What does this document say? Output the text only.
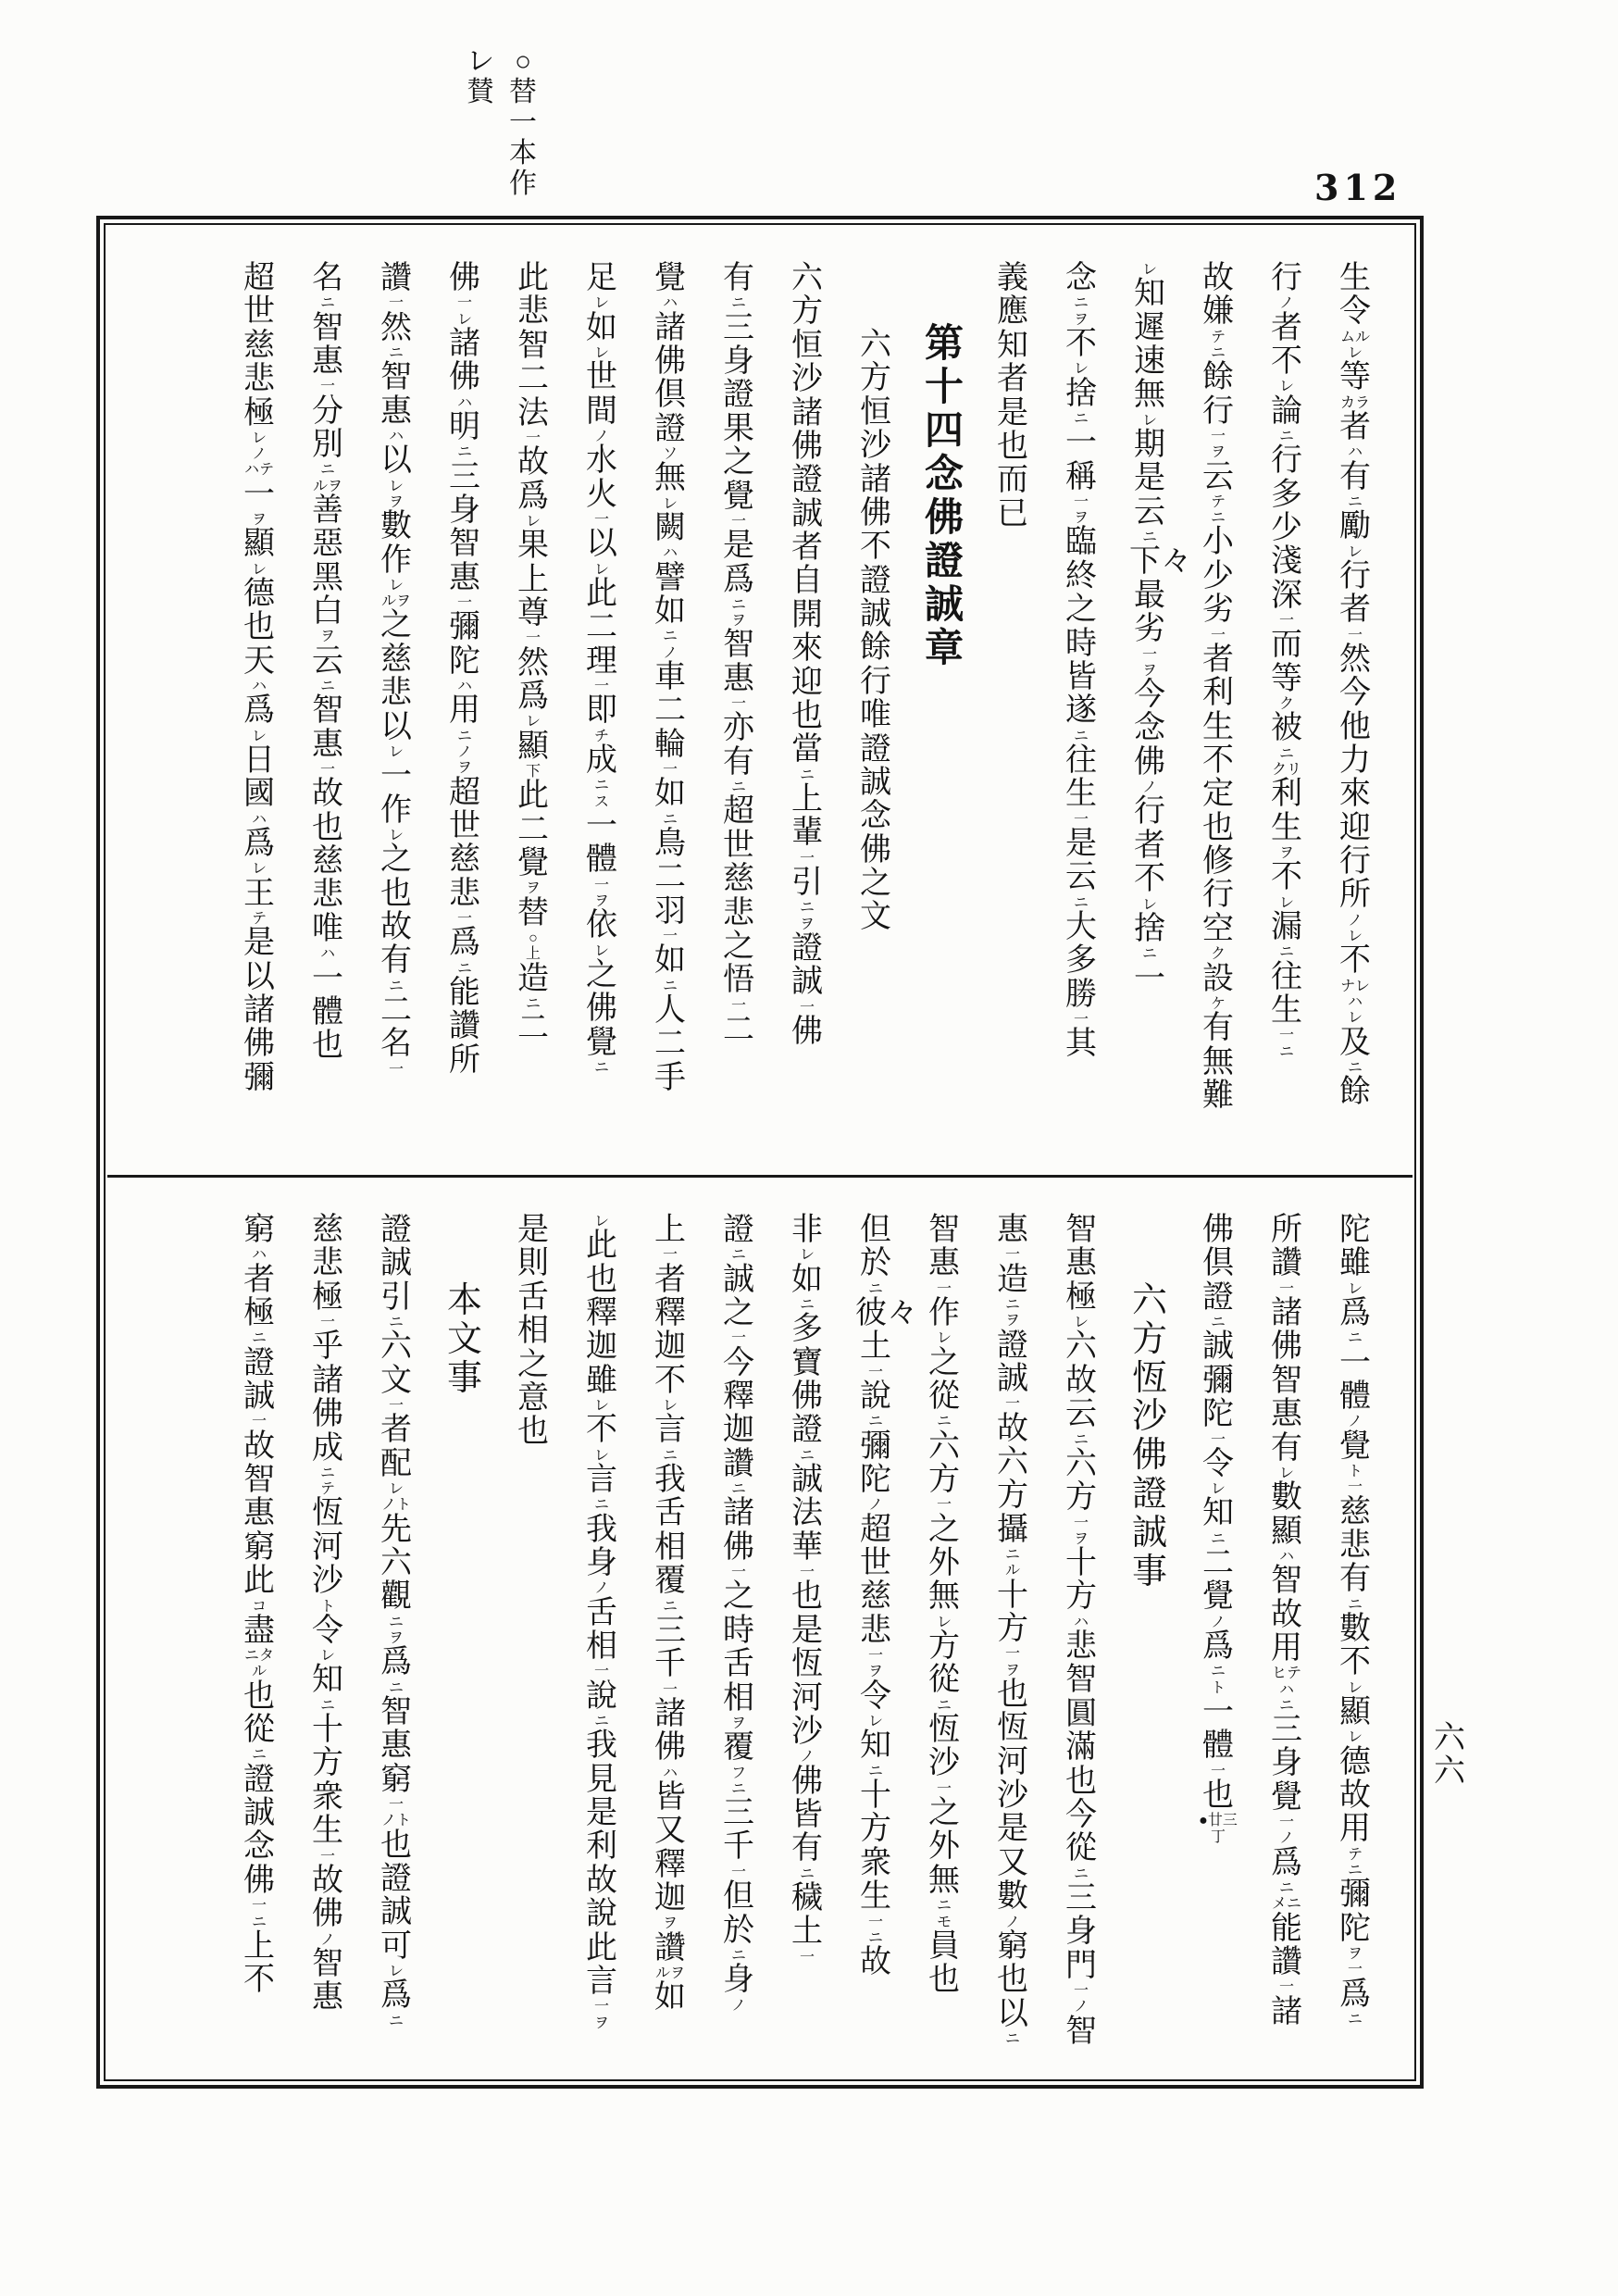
○替一本作
レ賛
312
生令
ムル
レ
等
カラ
者
ハ
有
ニ
勵
レ
行者
一
然今他力來迎行所
ノ
レ
不
ナレハ
レ
及
ニ
餘
行
ノ
者不
レ
論
ニ
行多少淺深
一
而等
ク
被
ニ
クリ
利生
ヲ
不
レ
漏
ニ
往生
一
ニ
故嫌
テ
ニ
餘行
一
ヲ
云
テ
ニ
小少劣
一
者利生不定也修行空
ク
設
ケ
有無難
レ
知遲速無
レ
期是云
ニ
下々最劣
一
ヲ
今念佛
ノ
行者不
レ
捨
ニ
一
念
ニ
ヲ
不
レ
捨
ニ
一稱
一
ヲ
臨終之時皆遂
ニ
往生
一
是云
ニ
大多勝
一
其
義應知者是也而已
第十四念佛證誠章
六方恒沙諸佛不證誠餘行唯證誠念佛之文
六方恒沙諸佛證誠者自開來迎也當
ニ
上輩
一
引
ニ
ヲ
證誠
一
佛
有
ニ
三身證果之覺
一
是爲
ニ
ヲ
智惠
一
亦有
ニ
超世慈悲之悟
一
二
覺
ハ
諸佛倶證
ソ
無
レ
闕
ハ
譬如
ニ
ノ
車二輪
一
如
ニ
鳥二羽
一
如
ニ
人二手
足
レ
如
レ
世間
ノ
水火
一
以
レ
此二理
一
即
チ
成
ニ
ス
一體
一
ヲ
依
レ
之佛覺
ニ
此悲智二法
一
故爲
レ
果上尊
一
然爲
レ
顯
下
此二覺
ヲ
替
○
上
造
ニ
二
佛
一
レ
諸佛
ハ
明
ニ
三身智惠
一
彌陀
ハ
用
ニ
ノ
ヲ
超世慈悲
一
爲
ニ
能讚所
讚
一
然
ニ
智惠
ハ
以
レ
ヲ
數作
レ
ルヲ
之慈悲以
レ
一作
レ
之也故有
ニ
二名
一
名
ニ
智惠
一
分別
ニ
ルヲ
善惡黑白
ヲ
云
ニ
智惠
一
故也慈悲唯
ハ
一體也
超世慈悲極
レ
ノ
ハテ
一
ヲ
顯
レ
德也天
ハ
爲
レ
日國
ハ
爲
レ
王
テ
是以諸佛彌
陀雖
レ
爲
ニ
一體
ノ
覺
ト
一
慈悲有
ニ
數不
レ
顯
レ
德故用
テ
ニ
彌陀
ヲ
一
爲
ニ
所讚
一
諸佛智惠有
レ
數顯
ハ
智故用
ヒテハ
ニ
三身覺
一
ノ
爲
ニ
メニ
能讚
一
諸
佛倶證
ニ
誠彌陀
一
令
レ
知
ニ
二覺
ノ
爲
ニ
ト
一體
一
也
●廿三丁
六方恆沙佛證誠事
智惠極
レ
六故云
ニ
六方
一
ヲ
十方
ハ
悲智圓滿也今從
ニ
三身門
一
ノ
智
惠
一
造
ニ
ヲ
證誠
一
故六方攝
ニ
ル
十方
一
ヲ
也恆河沙是又數
ノ
窮也以
ニ
智惠
一
作
レ
之從
ニ
六方
一
之外無
レ
方從
ニ
恆沙
一
之外無
ニ
モ
員也
但於
ニ
彼々土
一
說
ニ
彌陀
ノ
超世慈悲
一
ヲ
令
レ
知
ニ
十方衆生
一
ニ
故
非
レ
如
ニ
多寶佛證
ニ
誠法華
一
也是恆河沙
ノ
佛皆有
ニ
穢土
一
證
ニ
誠之
一
今釋迦讚
ニ
諸佛
一
之時舌相
ヲ
覆
フ
ニ
三千
一
但於
ニ
身
ノ
上
一
者釋迦不
レ
言
ニ
我舌相覆
ニ
三千
一
諸佛
ハ
皆又釋迦
ヲ
讚
ルヲ
如
レ
此也釋迦雖
レ
不
レ
言
ニ
我身
ノ
舌相
一
說
ニ
我見是利故說此言
一
ヲ
是則舌相之意也
本文事
證誠引
ニ
六文
一
者配
レ
ノト
先六觀
ニ
ヲ
爲
ニ
智惠窮
一
ノト
也證誠可
レ
爲
ニ
慈悲極
一
乎諸佛成
ニ
テ
恆河沙
ト
令
レ
知
ニ
十方衆生
一
故佛
ノ
智惠
窮
ハ
者極
ニ
證誠
一
故智惠窮此
コ
盡
ニタル
也從
ニ
證誠念佛
一
ニ
上不
六六
